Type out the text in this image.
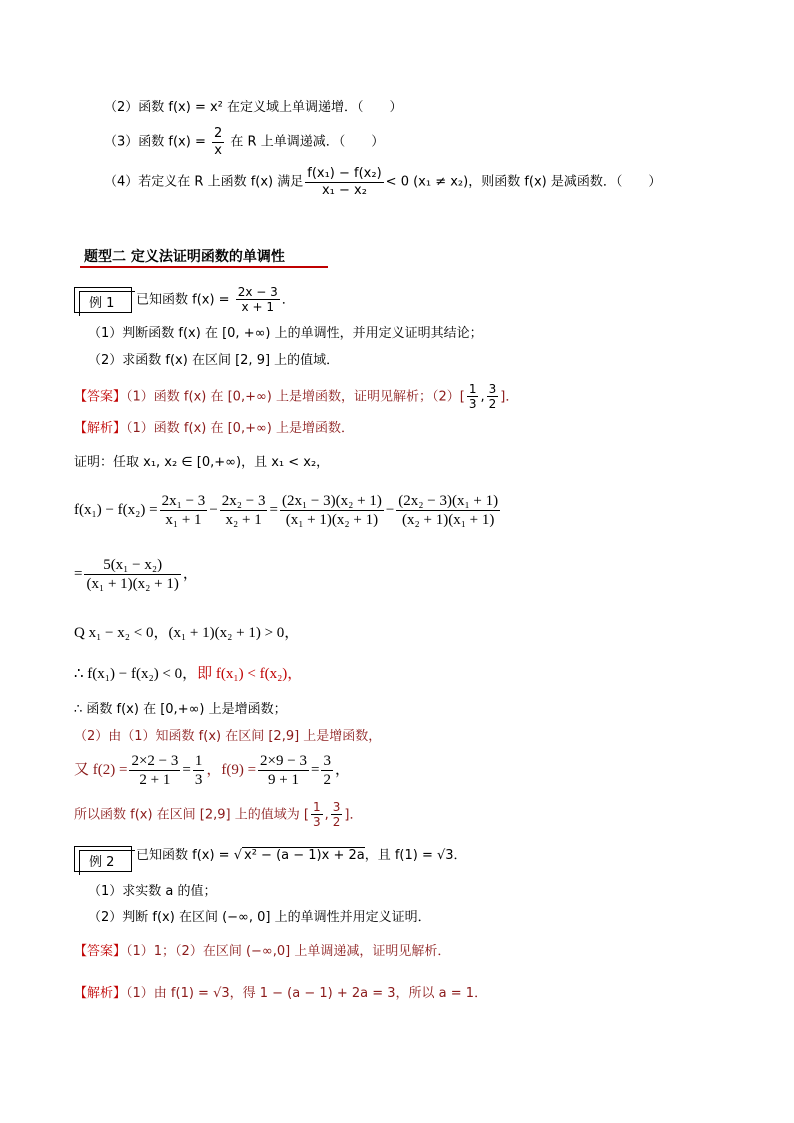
（2）函数 f(x) = x² 在定义域上单调递增．（　　）
（3）函数 $f(x) = \frac{2}{x}$ 在 R 上单调递减．（　　）
（4）若定义在 R 上函数 f(x) 满足 $\frac{\text{f(x₁) − f(x₂)}}{\text{x₁ − x₂}} < 0$ (x₁ ≠ x₂)，则函数 f(x) 是减函数．（　　）
题型二 定义法证明函数的单调性
例 1 已知函数 $f(x) = \frac{2x - 3}{x + 1}$ ．
（1）判断函数 f(x) 在 [0, +∞) 上的单调性，并用定义证明其结论；
（2）求函数 f(x) 在区间 [2, 9] 上的值域．
【答案】（1）函数 f(x) 在 [0,+∞) 上是增函数，证明见解析；$(2)[ \frac{1}{3}$ , $\frac{3}{2}$ ]．
【解析】（1）函数 f(x) 在 [0,+∞) 上是增函数．
证明：任取 x₁, x₂ ∈ [0,+∞)，且 x₁ < x₂，
$f(x_1) - f(x_2) = \frac{\text{2x₁ − 3}}{\text{x₁ + 1}} - \frac{\text{2x₂ − 3}}{\text{x₂ + 1}} = \frac{\text{(2x₁ − 3)(x₂ + 1)}}{\text{(x₁ + 1)(x₂ + 1)}} - \frac{\text{(2x₂ − 3)(x₁ + 1)}}{\text{(x₂ + 1)(x₁ + 1)}}$
= $\frac{\text{5(x₁ − x₂)}}{\text{(x₁ + 1)(x₂ + 1)}}$ ，
Q x₁ − x₂ < 0，(x₁ + 1)(x₂ + 1) > 0，
∴ f(x₁) − f(x₂) < 0，即 f(x₁) < f(x₂)，
∴ 函数 f(x) 在 [0,+∞) 上是增函数；
（2）由（1）知函数 f(x) 在区间 [2,9] 上是增函数，
又 $f(2) = \frac{2\times 2 - 3}{2 + 1} = \frac{1}{3}$ ，$f(9) = \frac{2\times 9 - 3}{9 + 1} = \frac{3}{2}$ ，
所以函数 f(x) 在区间 [2,9] 上的值域为 [ $\frac{1}{3}$ , $\frac{3}{2}$ ]．
例 2 已知函数 f(x) = √ x² − (a − 1)x + 2a，且 f(1) = √3．
（1）求实数 a 的值；
（2）判断 f(x) 在区间 (−∞, 0] 上的单调性并用定义证明．
【答案】（1）1；（2）在区间 (−∞,0] 上单调递减，证明见解析．
【解析】（1）由 f(1) = √3，得 1 − (a − 1) + 2a = 3，所以 a = 1．
